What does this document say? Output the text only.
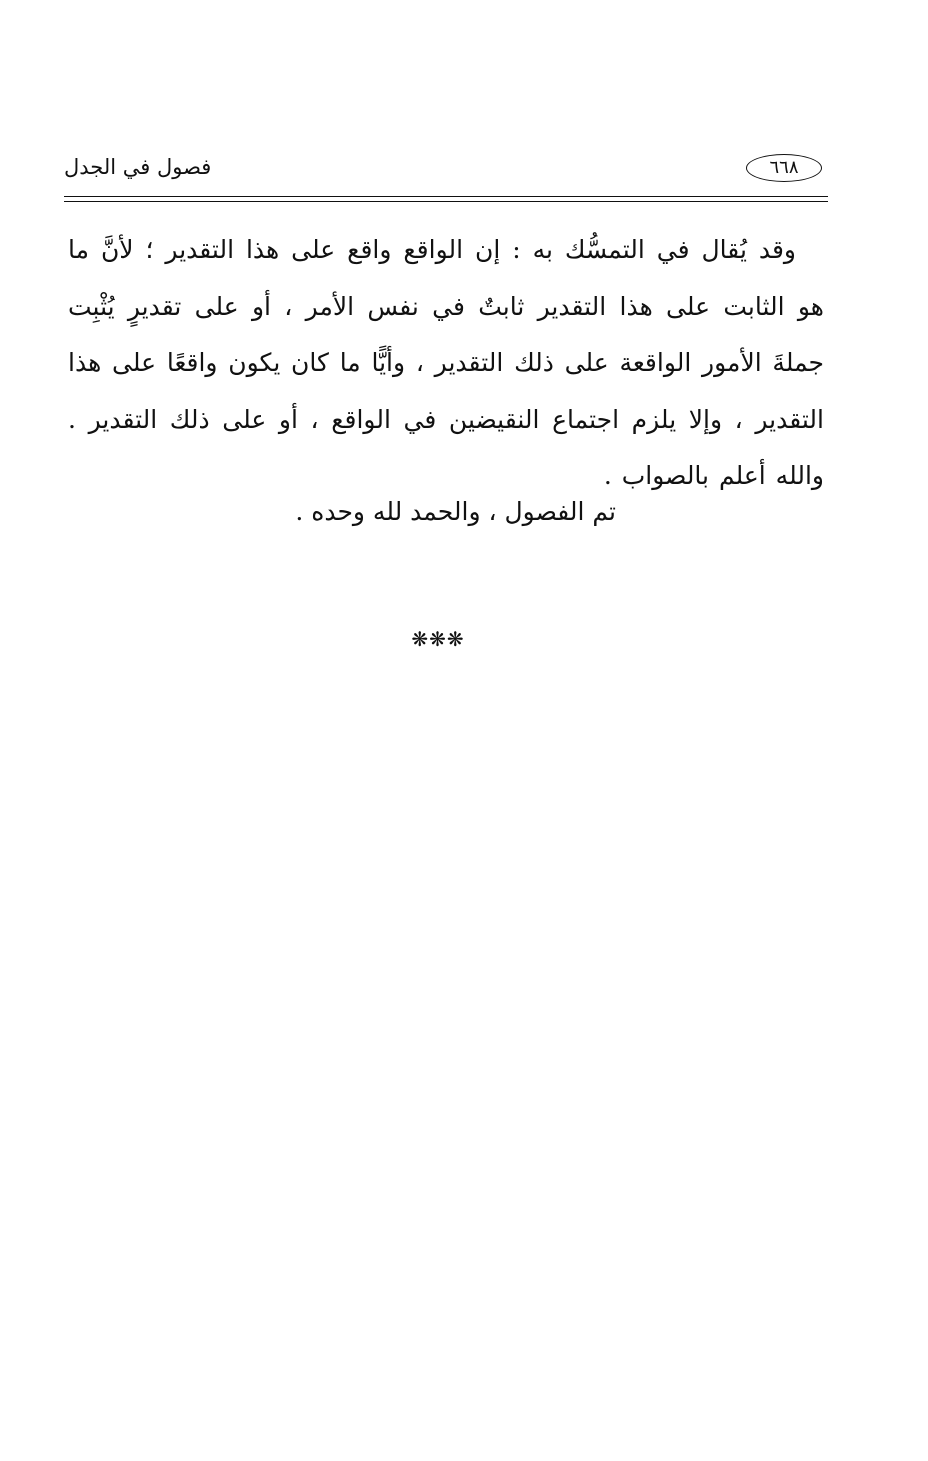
٦٦٨
فصول في الجدل

وقد يُقال في التمسُّك به : إن الواقع واقع على هذا التقدير ؛ لأنَّ ما هو الثابت على هذا التقدير ثابتٌ في نفس الأمر ، أو على تقديرٍ يُثْبِت جملةَ الأمور الواقعة على ذلك التقدير ، وأيًّا ما كان يكون واقعًا على هذا التقدير ، وإلا يلزم اجتماع النقيضين في الواقع ، أو على ذلك التقدير . والله أعلم بالصواب .

تم الفصول ، والحمد لله وحده .
❋❋❋
